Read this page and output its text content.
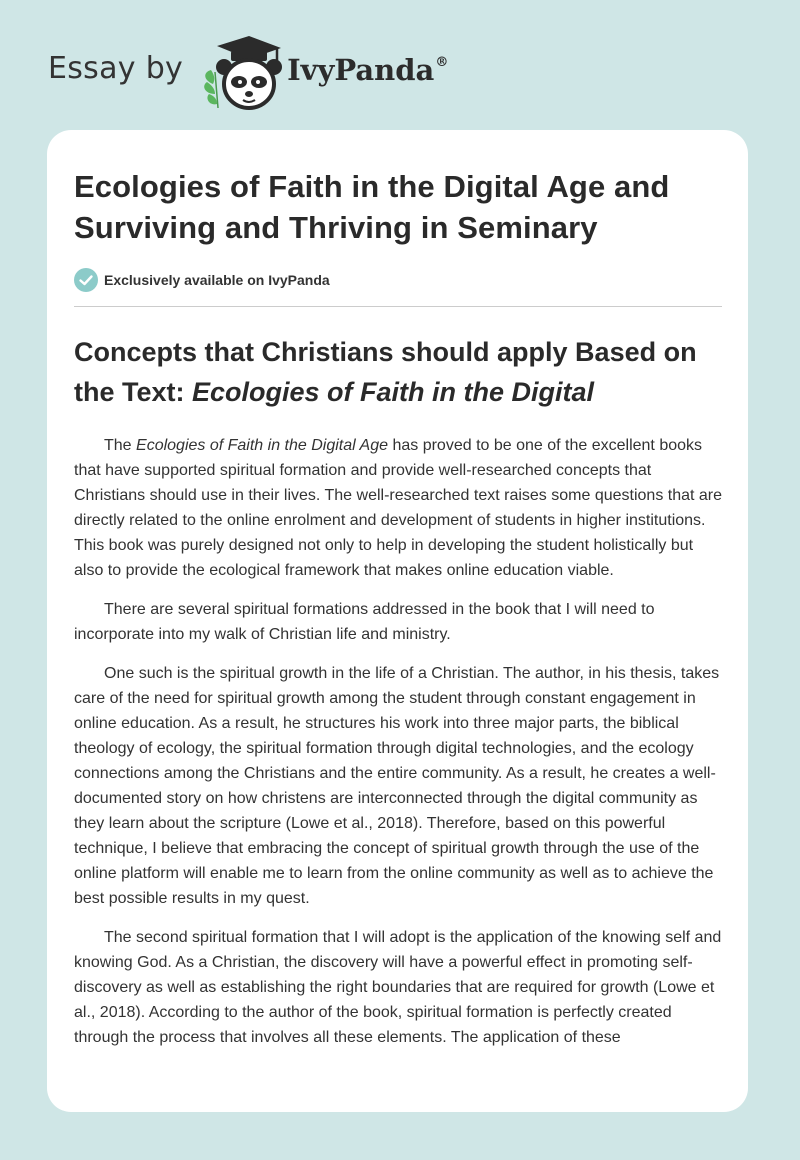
Essay by	IvyPanda®
Ecologies of Faith in the Digital Age and Surviving and Thriving in Seminary
Exclusively available on IvyPanda
Concepts that Christians should apply Based on the Text: Ecologies of Faith in the Digital

The Ecologies of Faith in the Digital Age has proved to be one of the excellent books that have supported spiritual formation and provide well-researched concepts that Christians should use in their lives. The well-researched text raises some questions that are directly related to the online enrolment and development of students in higher institutions. This book was purely designed not only to help in developing the student holistically but also to provide the ecological framework that makes online education viable.

There are several spiritual formations addressed in the book that I will need to incorporate into my walk of Christian life and ministry.

One such is the spiritual growth in the life of a Christian. The author, in his thesis, takes care of the need for spiritual growth among the student through constant engagement in online education. As a result, he structures his work into three major parts, the biblical theology of ecology, the spiritual formation through digital technologies, and the ecology connections among the Christians and the entire community. As a result, he creates a well-documented story on how christens are interconnected through the digital community as they learn about the scripture (Lowe et al., 2018). Therefore, based on this powerful technique, I believe that embracing the concept of spiritual growth through the use of the online platform will enable me to learn from the online community as well as to achieve the best possible results in my quest.

The second spiritual formation that I will adopt is the application of the knowing self and knowing God. As a Christian, the discovery will have a powerful effect in promoting self-discovery as well as establishing the right boundaries that are required for growth (Lowe et al., 2018). According to the author of the book, spiritual formation is perfectly created through the process that involves all these elements. The application of these
